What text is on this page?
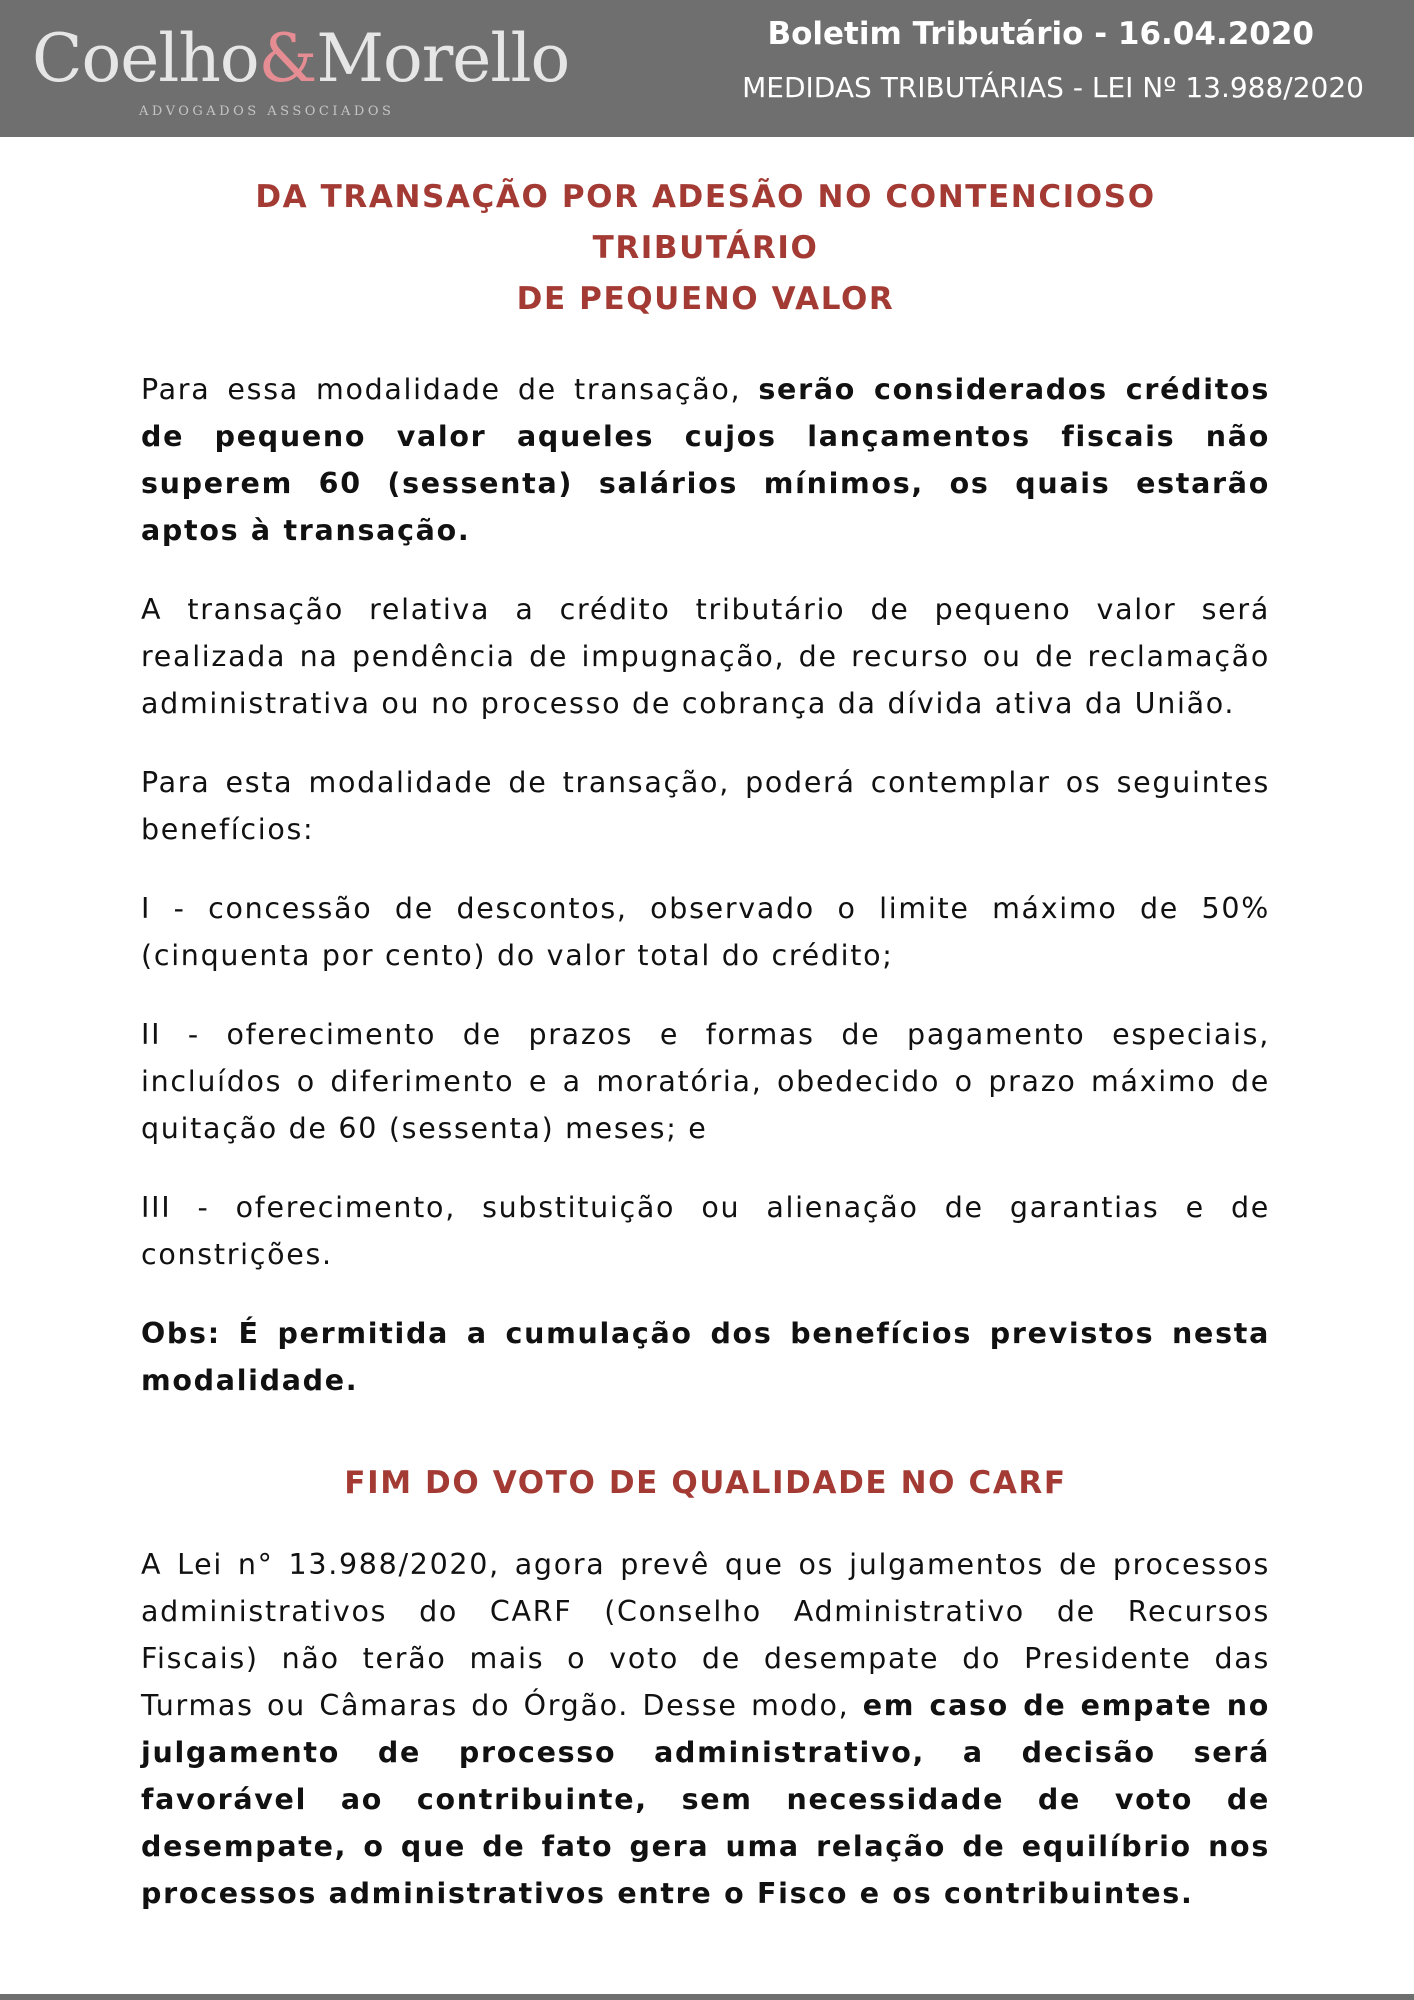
Coelho&Morello
ADVOGADOS ASSOCIADOS
Boletim Tributário - 16.04.2020
MEDIDAS TRIBUTÁRIAS - LEI Nº 13.988/2020
DA TRANSAÇÃO POR ADESÃO NO CONTENCIOSO TRIBUTÁRIO
DE PEQUENO VALOR

Para essa modalidade de transação, serão considerados créditos de pequeno valor aqueles cujos lançamentos fiscais não superem 60 (sessenta) salários mínimos, os quais estarão aptos à transação.

A transação relativa a crédito tributário de pequeno valor será realizada na pendência de impugnação, de recurso ou de reclamação administrativa ou no processo de cobrança da dívida ativa da União.

Para esta modalidade de transação, poderá contemplar os seguintes benefícios:

I - concessão de descontos, observado o limite máximo de 50% (cinquenta por cento) do valor total do crédito;

II - oferecimento de prazos e formas de pagamento especiais, incluídos o diferimento e a moratória, obedecido o prazo máximo de quitação de 60 (sessenta) meses; e

III - oferecimento, substituição ou alienação de garantias e de constrições.

Obs: É permitida a cumulação dos benefícios previstos nesta modalidade.

FIM DO VOTO DE QUALIDADE NO CARF

A Lei n° 13.988/2020, agora prevê que os julgamentos de processos administrativos do CARF (Conselho Administrativo de Recursos Fiscais) não terão mais o voto de desempate do Presidente das Turmas ou Câmaras do Órgão. Desse modo, em caso de empate no julgamento de processo administrativo, a decisão será favorável ao contribuinte, sem necessidade de voto de desempate, o que de fato gera uma relação de equilíbrio nos processos administrativos entre o Fisco e os contribuintes.
